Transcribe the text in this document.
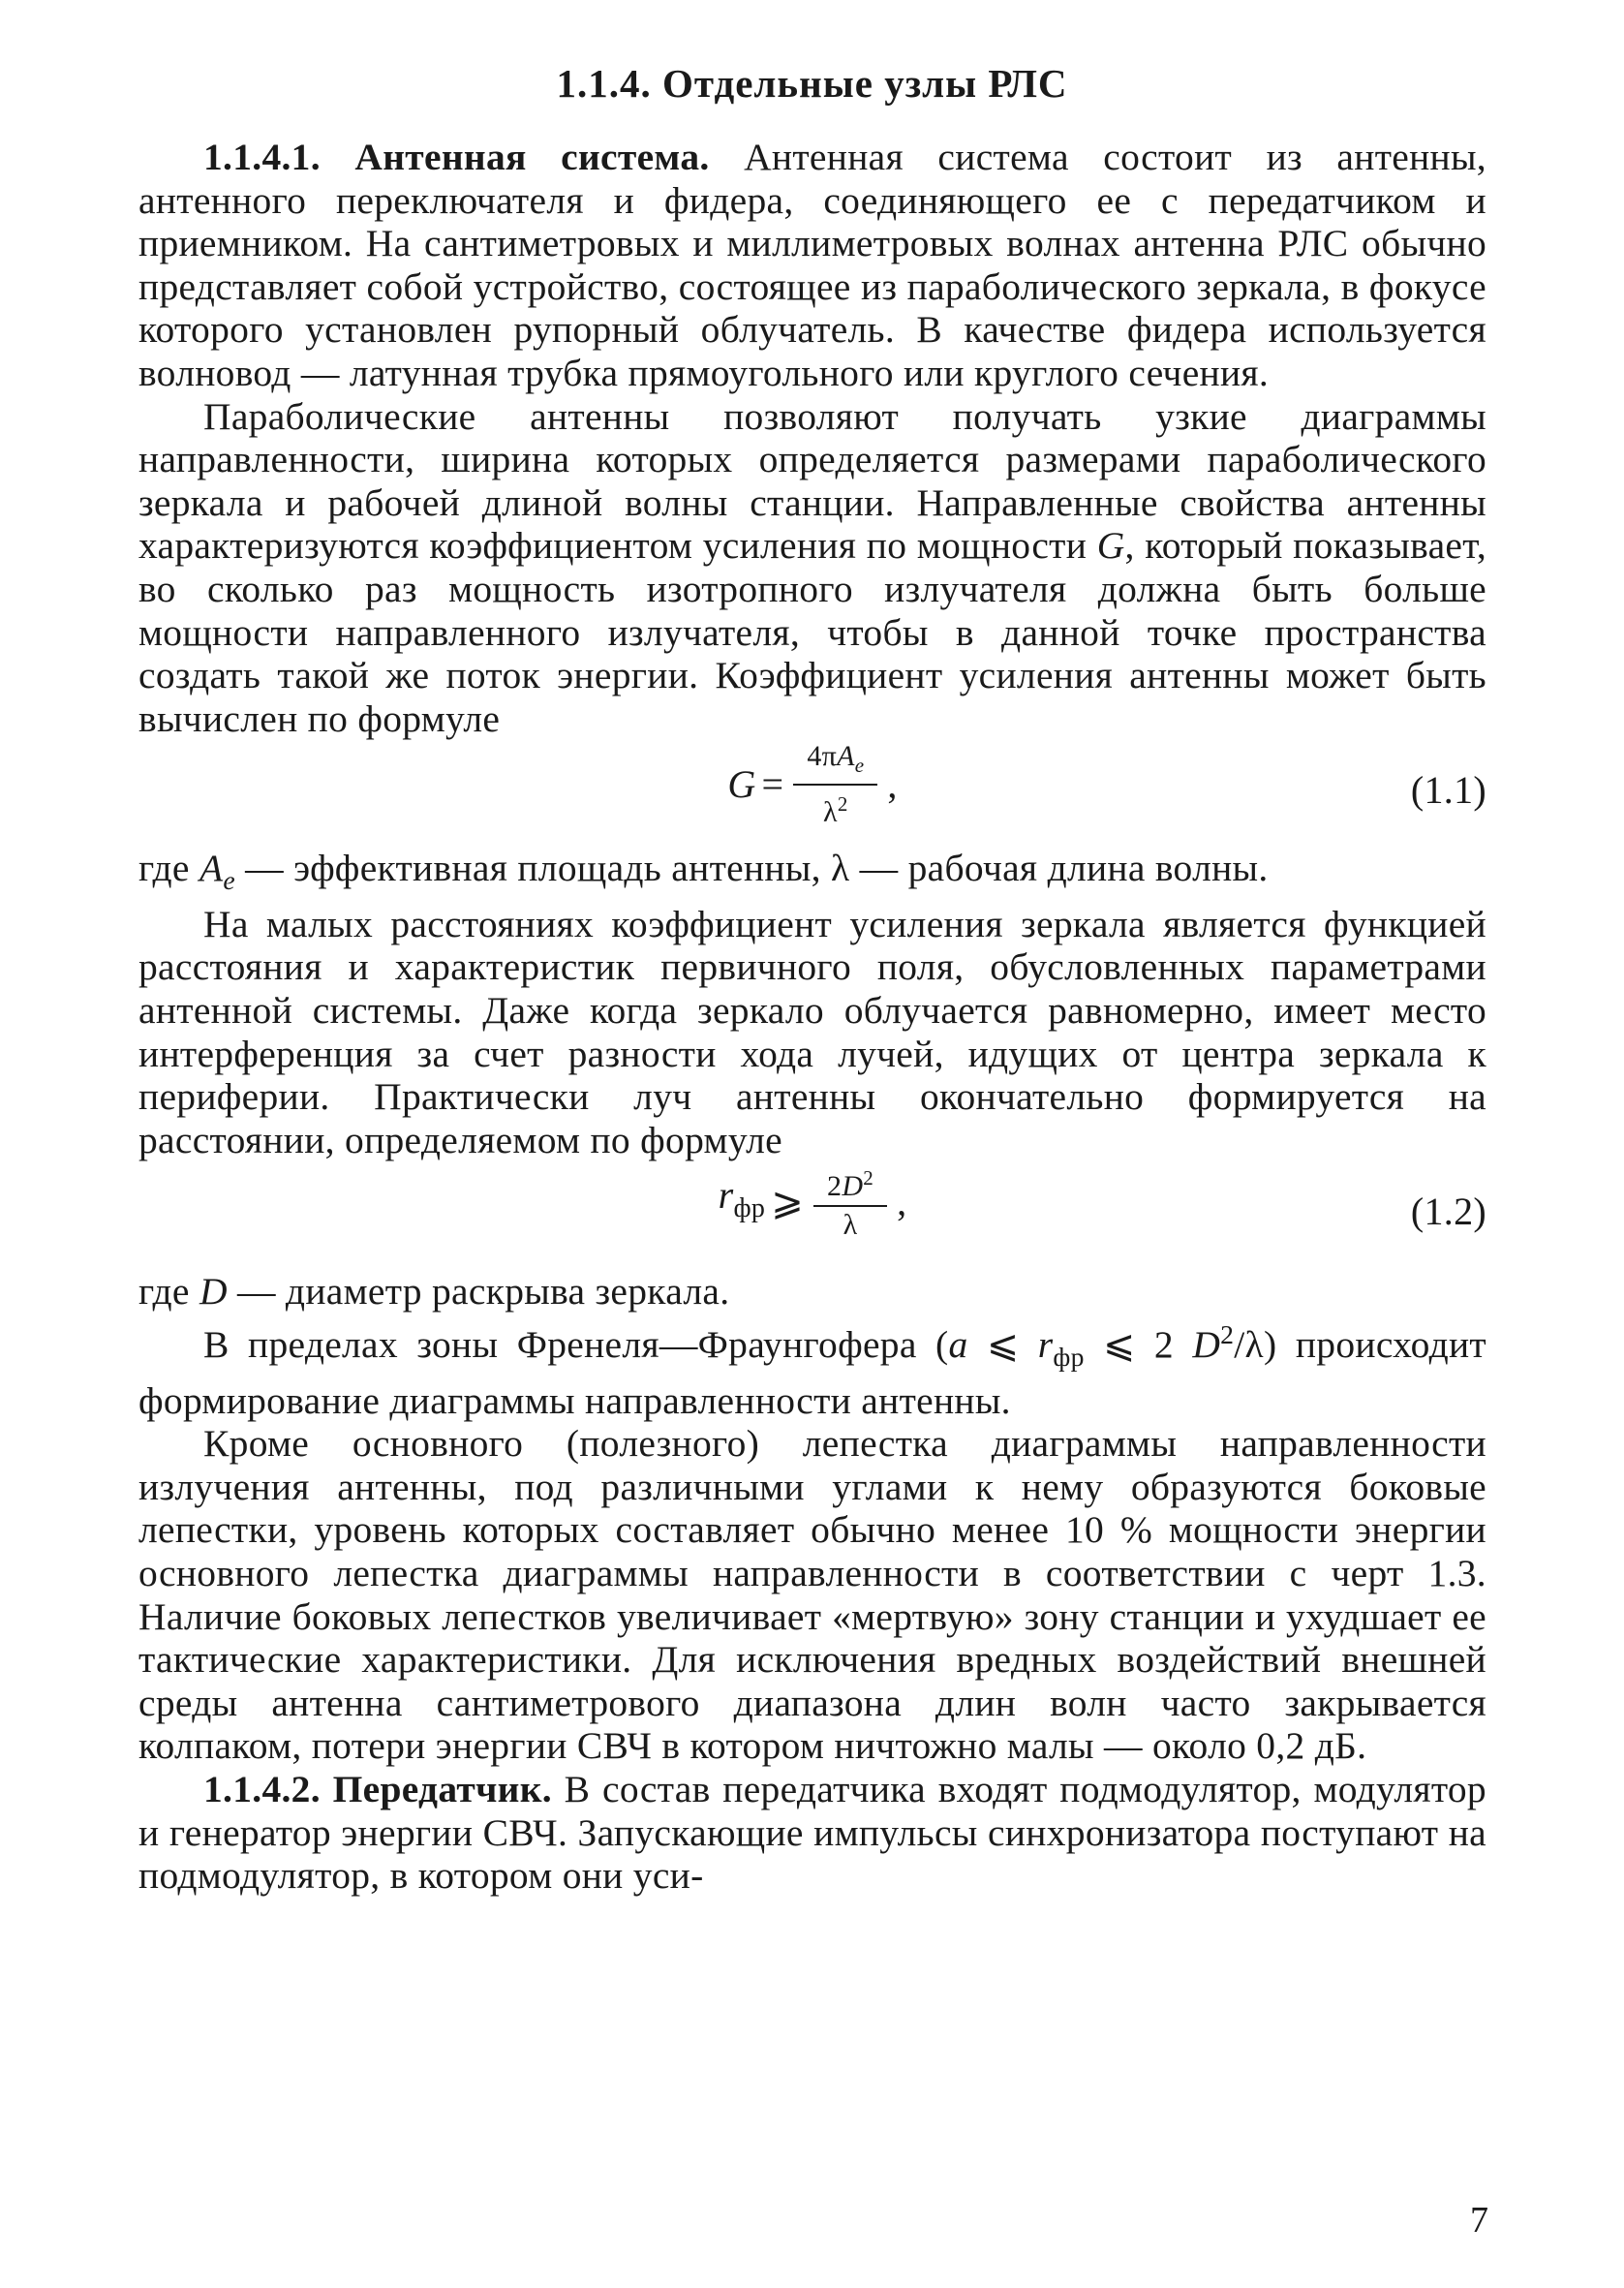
1.1.4. Отдельные узлы РЛС

1.1.4.1. Антенная система. Антенная система состоит из антенны, антенного переключателя и фидера, соединяющего ее с передатчиком и приемником. На сантиметровых и миллиметровых волнах антенна РЛС обычно представляет собой устройство, состоящее из параболического зеркала, в фокусе которого установлен рупорный облучатель. В качестве фидера используется волновод — латунная трубка прямоугольного или круглого сечения.

Параболические антенны позволяют получать узкие диаграммы направленности, ширина которых определяется размерами параболического зеркала и рабочей длиной волны станции. Направленные свойства антенны характеризуются коэффициентом усиления по мощности G, который показывает, во сколько раз мощность изотропного излучателя должна быть больше мощности направленного излучателя, чтобы в данной точке пространства создать такой же поток энергии. Коэффициент усиления антенны может быть вычислен по формуле

$G = \frac{4\pi A_e}{\lambda^2}$ ,	(1.1)

где $A_e$ — эффективная площадь антенны, λ — рабочая длина волны.

На малых расстояниях коэффициент усиления зеркала является функцией расстояния и характеристик первичного поля, обусловленных параметрами антенной системы. Даже когда зеркало облучается равномерно, имеет место интерференция за счет разности хода лучей, идущих от центра зеркала к периферии. Практически луч антенны окончательно формируется на расстоянии, определяемом по формуле

$r_{фр}$ ⩾ $\frac{2D^2}{\lambda}$ ,	(1.2)

где D — диаметр раскрыва зеркала.

В пределах зоны Френеля—Фраунгофера (a ⩽ $r_{фр}$ ⩽ 2 $D^2/\lambda$) происходит формирование диаграммы направленности антенны.

Кроме основного (полезного) лепестка диаграммы направленности излучения антенны, под различными углами к нему образуются боковые лепестки, уровень которых составляет обычно менее 10 % мощности энергии основного лепестка диаграммы направленности в соответствии с черт 1.3. Наличие боковых лепестков увеличивает «мертвую» зону станции и ухудшает ее тактические характеристики. Для исключения вредных воздействий внешней среды антенна сантиметрового диапазона длин волн часто закрывается колпаком, потери энергии СВЧ в котором ничтожно малы — около 0,2 дБ.

1.1.4.2. Передатчик. В состав передатчика входят подмодулятор, модулятор и генератор энергии СВЧ. Запускающие импульсы синхронизатора поступают на подмодулятор, в котором они уси-

7
